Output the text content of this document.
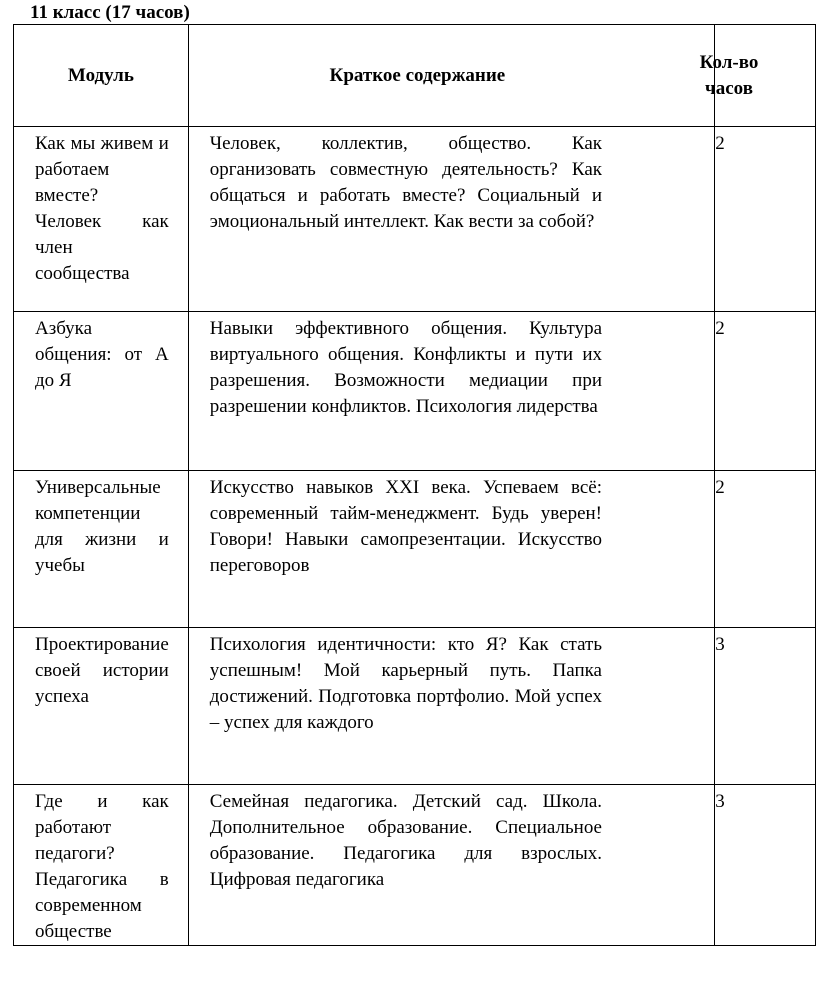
11 класс (17 часов)
Модуль	Краткое содержание	Кол-во часов

Как мы живем и работаем вместе? Человек как член сообщества	Человек, коллектив, общество. Как организовать совместную деятельность? Как общаться и работать вместе? Социальный и эмоциональный интеллект. Как вести за собой?	2
Азбука общения: от А до Я	Навыки эффективного общения. Культура виртуального общения. Конфликты и пути их разрешения. Возможности медиации при разрешении конфликтов. Психология лидерства	2
Универсальные компетенции для жизни и учебы	Искусство навыков XXI века. Успеваем всё: современный тайм-менеджмент. Будь уверен! Говори! Навыки самопрезентации. Искусство переговоров	2
Проектирование своей истории успеха	Психология идентичности: кто Я? Как стать успешным! Мой карьерный путь. Папка достижений. Подготовка портфолио. Мой успех – успех для каждого	3
Где и как работают педагоги? Педагогика в современном обществе	Семейная педагогика. Детский сад. Школа. Дополнительное образование. Специальное образование. Педагогика для взрослых. Цифровая педагогика	3
